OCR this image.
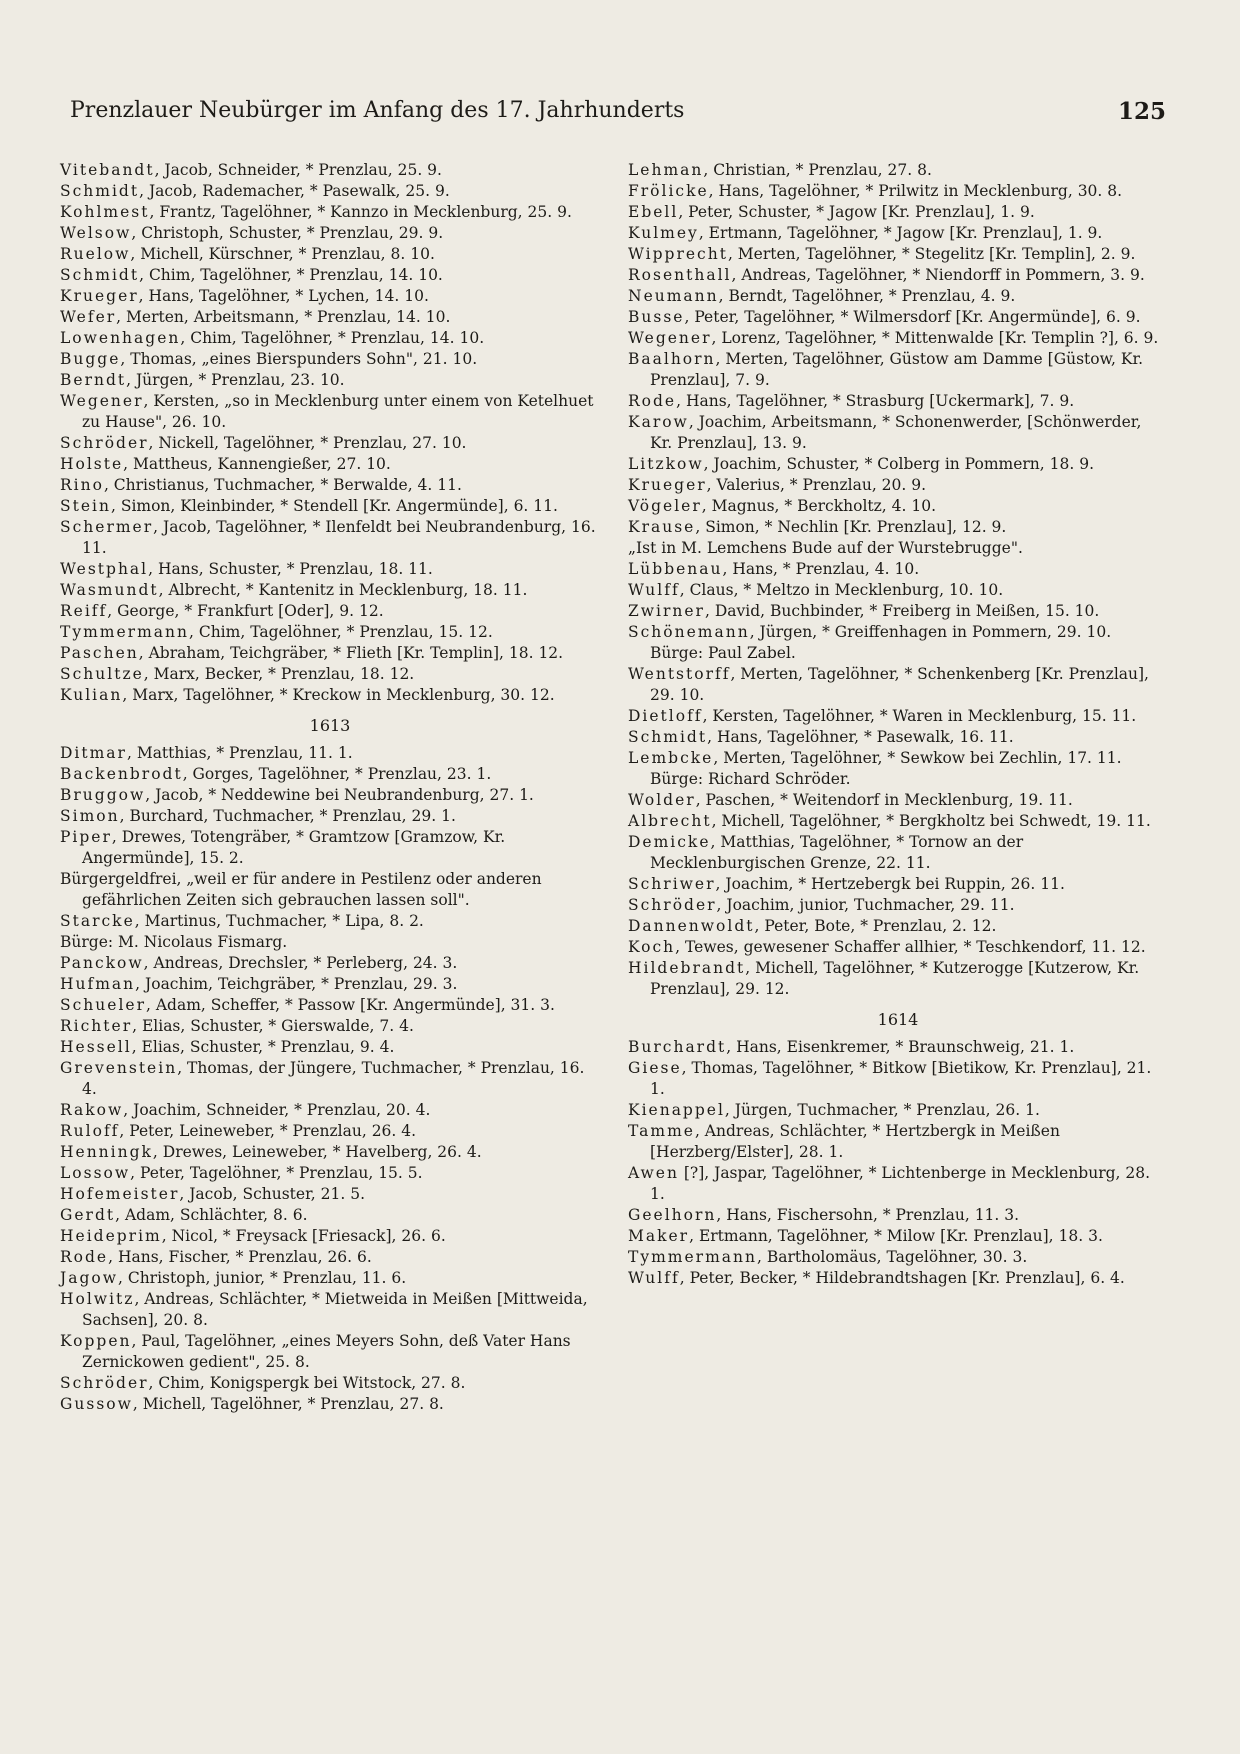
Prenzlauer Neubürger im Anfang des 17. Jahrhunderts	125

Vitebandt, Jacob, Schneider, * Prenzlau, 25. 9.

Schmidt, Jacob, Rademacher, * Pasewalk, 25. 9.

Kohlmest, Frantz, Tagelöhner, * Kannzo in Mecklenburg, 25. 9.

Welsow, Christoph, Schuster, * Prenzlau, 29. 9.

Ruelow, Michell, Kürschner, * Prenzlau, 8. 10.

Schmidt, Chim, Tagelöhner, * Prenzlau, 14. 10.

Krueger, Hans, Tagelöhner, * Lychen, 14. 10.

Wefer, Merten, Arbeitsmann, * Prenzlau, 14. 10.

Lowenhagen, Chim, Tagelöhner, * Prenzlau, 14. 10.

Bugge, Thomas, „eines Bierspunders Sohn", 21. 10.

Berndt, Jürgen, * Prenzlau, 23. 10.

Wegener, Kersten, „so in Mecklenburg unter einem von Ketelhuet zu Hause", 26. 10.

Schröder, Nickell, Tagelöhner, * Prenzlau, 27. 10.

Holste, Mattheus, Kannengießer, 27. 10.

Rino, Christianus, Tuchmacher, * Berwalde, 4. 11.

Stein, Simon, Kleinbinder, * Stendell [Kr. Angermünde], 6. 11.

Schermer, Jacob, Tagelöhner, * Ilenfeldt bei Neubrandenburg, 16. 11.

Westphal, Hans, Schuster, * Prenzlau, 18. 11.

Wasmundt, Albrecht, * Kantenitz in Mecklenburg, 18. 11.

Reiff, George, * Frankfurt [Oder], 9. 12.

Tymmermann, Chim, Tagelöhner, * Prenzlau, 15. 12.

Paschen, Abraham, Teichgräber, * Flieth [Kr. Templin], 18. 12.

Schultze, Marx, Becker, * Prenzlau, 18. 12.

Kulian, Marx, Tagelöhner, * Kreckow in Mecklenburg, 30. 12.

1613

Ditmar, Matthias, * Prenzlau, 11. 1.

Backenbrodt, Gorges, Tagelöhner, * Prenzlau, 23. 1.

Bruggow, Jacob, * Neddewine bei Neubrandenburg, 27. 1.

Simon, Burchard, Tuchmacher, * Prenzlau, 29. 1.

Piper, Drewes, Totengräber, * Gramtzow [Gramzow, Kr. Angermünde], 15. 2.

Bürgergeldfrei, „weil er für andere in Pestilenz oder anderen gefährlichen Zeiten sich gebrauchen lassen soll".

Starcke, Martinus, Tuchmacher, * Lipa, 8. 2.

Bürge: M. Nicolaus Fismarg.

Panckow, Andreas, Drechsler, * Perleberg, 24. 3.

Hufman, Joachim, Teichgräber, * Prenzlau, 29. 3.

Schueler, Adam, Scheffer, * Passow [Kr. Angermünde], 31. 3.

Richter, Elias, Schuster, * Gierswalde, 7. 4.

Hessell, Elias, Schuster, * Prenzlau, 9. 4.

Grevenstein, Thomas, der Jüngere, Tuchmacher, * Prenzlau, 16. 4.

Rakow, Joachim, Schneider, * Prenzlau, 20. 4.

Ruloff, Peter, Leineweber, * Prenzlau, 26. 4.

Henningk, Drewes, Leineweber, * Havelberg, 26. 4.

Lossow, Peter, Tagelöhner, * Prenzlau, 15. 5.

Hofemeister, Jacob, Schuster, 21. 5.

Gerdt, Adam, Schlächter, 8. 6.

Heideprim, Nicol, * Freysack [Friesack], 26. 6.

Rode, Hans, Fischer, * Prenzlau, 26. 6.

Jagow, Christoph, junior, * Prenzlau, 11. 6.

Holwitz, Andreas, Schlächter, * Mietweida in Meißen [Mittweida, Sachsen], 20. 8.

Koppen, Paul, Tagelöhner, „eines Meyers Sohn, deß Vater Hans Zernickowen gedient", 25. 8.

Schröder, Chim, Konigspergk bei Witstock, 27. 8.

Gussow, Michell, Tagelöhner, * Prenzlau, 27. 8.

Lehman, Christian, * Prenzlau, 27. 8.

Frölicke, Hans, Tagelöhner, * Prilwitz in Mecklenburg, 30. 8.

Ebell, Peter, Schuster, * Jagow [Kr. Prenzlau], 1. 9.

Kulmey, Ertmann, Tagelöhner, * Jagow [Kr. Prenzlau], 1. 9.

Wipprecht, Merten, Tagelöhner, * Stegelitz [Kr. Templin], 2. 9.

Rosenthall, Andreas, Tagelöhner, * Niendorff in Pommern, 3. 9.

Neumann, Berndt, Tagelöhner, * Prenzlau, 4. 9.

Busse, Peter, Tagelöhner, * Wilmersdorf [Kr. Angermünde], 6. 9.

Wegener, Lorenz, Tagelöhner, * Mittenwalde [Kr. Templin ?], 6. 9.

Baalhorn, Merten, Tagelöhner, Güstow am Damme [Güstow, Kr. Prenzlau], 7. 9.

Rode, Hans, Tagelöhner, * Strasburg [Uckermark], 7. 9.

Karow, Joachim, Arbeitsmann, * Schonenwerder, [Schönwerder, Kr. Prenzlau], 13. 9.

Litzkow, Joachim, Schuster, * Colberg in Pommern, 18. 9.

Krueger, Valerius, * Prenzlau, 20. 9.

Vögeler, Magnus, * Berckholtz, 4. 10.

Krause, Simon, * Nechlin [Kr. Prenzlau], 12. 9.

„Ist in M. Lemchens Bude auf der Wurstebrugge".

Lübbenau, Hans, * Prenzlau, 4. 10.

Wulff, Claus, * Meltzo in Mecklenburg, 10. 10.

Zwirner, David, Buchbinder, * Freiberg in Meißen, 15. 10.

Schönemann, Jürgen, * Greiffenhagen in Pommern, 29. 10. Bürge: Paul Zabel.

Wentstorff, Merten, Tagelöhner, * Schenkenberg [Kr. Prenzlau], 29. 10.

Dietloff, Kersten, Tagelöhner, * Waren in Mecklenburg, 15. 11.

Schmidt, Hans, Tagelöhner, * Pasewalk, 16. 11.

Lembcke, Merten, Tagelöhner, * Sewkow bei Zechlin, 17. 11. Bürge: Richard Schröder.

Wolder, Paschen, * Weitendorf in Mecklenburg, 19. 11.

Albrecht, Michell, Tagelöhner, * Bergkholtz bei Schwedt, 19. 11.

Demicke, Matthias, Tagelöhner, * Tornow an der Mecklenburgischen Grenze, 22. 11.

Schriwer, Joachim, * Hertzebergk bei Ruppin, 26. 11.

Schröder, Joachim, junior, Tuchmacher, 29. 11.

Dannenwoldt, Peter, Bote, * Prenzlau, 2. 12.

Koch, Tewes, gewesener Schaffer allhier, * Teschkendorf, 11. 12.

Hildebrandt, Michell, Tagelöhner, * Kutzerogge [Kutzerow, Kr. Prenzlau], 29. 12.

1614

Burchardt, Hans, Eisenkremer, * Braunschweig, 21. 1.

Giese, Thomas, Tagelöhner, * Bitkow [Bietikow, Kr. Prenzlau], 21. 1.

Kienappel, Jürgen, Tuchmacher, * Prenzlau, 26. 1.

Tamme, Andreas, Schlächter, * Hertzbergk in Meißen [Herzberg/Elster], 28. 1.

Awen [?], Jaspar, Tagelöhner, * Lichtenberge in Mecklenburg, 28. 1.

Geelhorn, Hans, Fischersohn, * Prenzlau, 11. 3.

Maker, Ertmann, Tagelöhner, * Milow [Kr. Prenzlau], 18. 3.

Tymmermann, Bartholomäus, Tagelöhner, 30. 3.

Wulff, Peter, Becker, * Hildebrandtshagen [Kr. Prenzlau], 6. 4.
